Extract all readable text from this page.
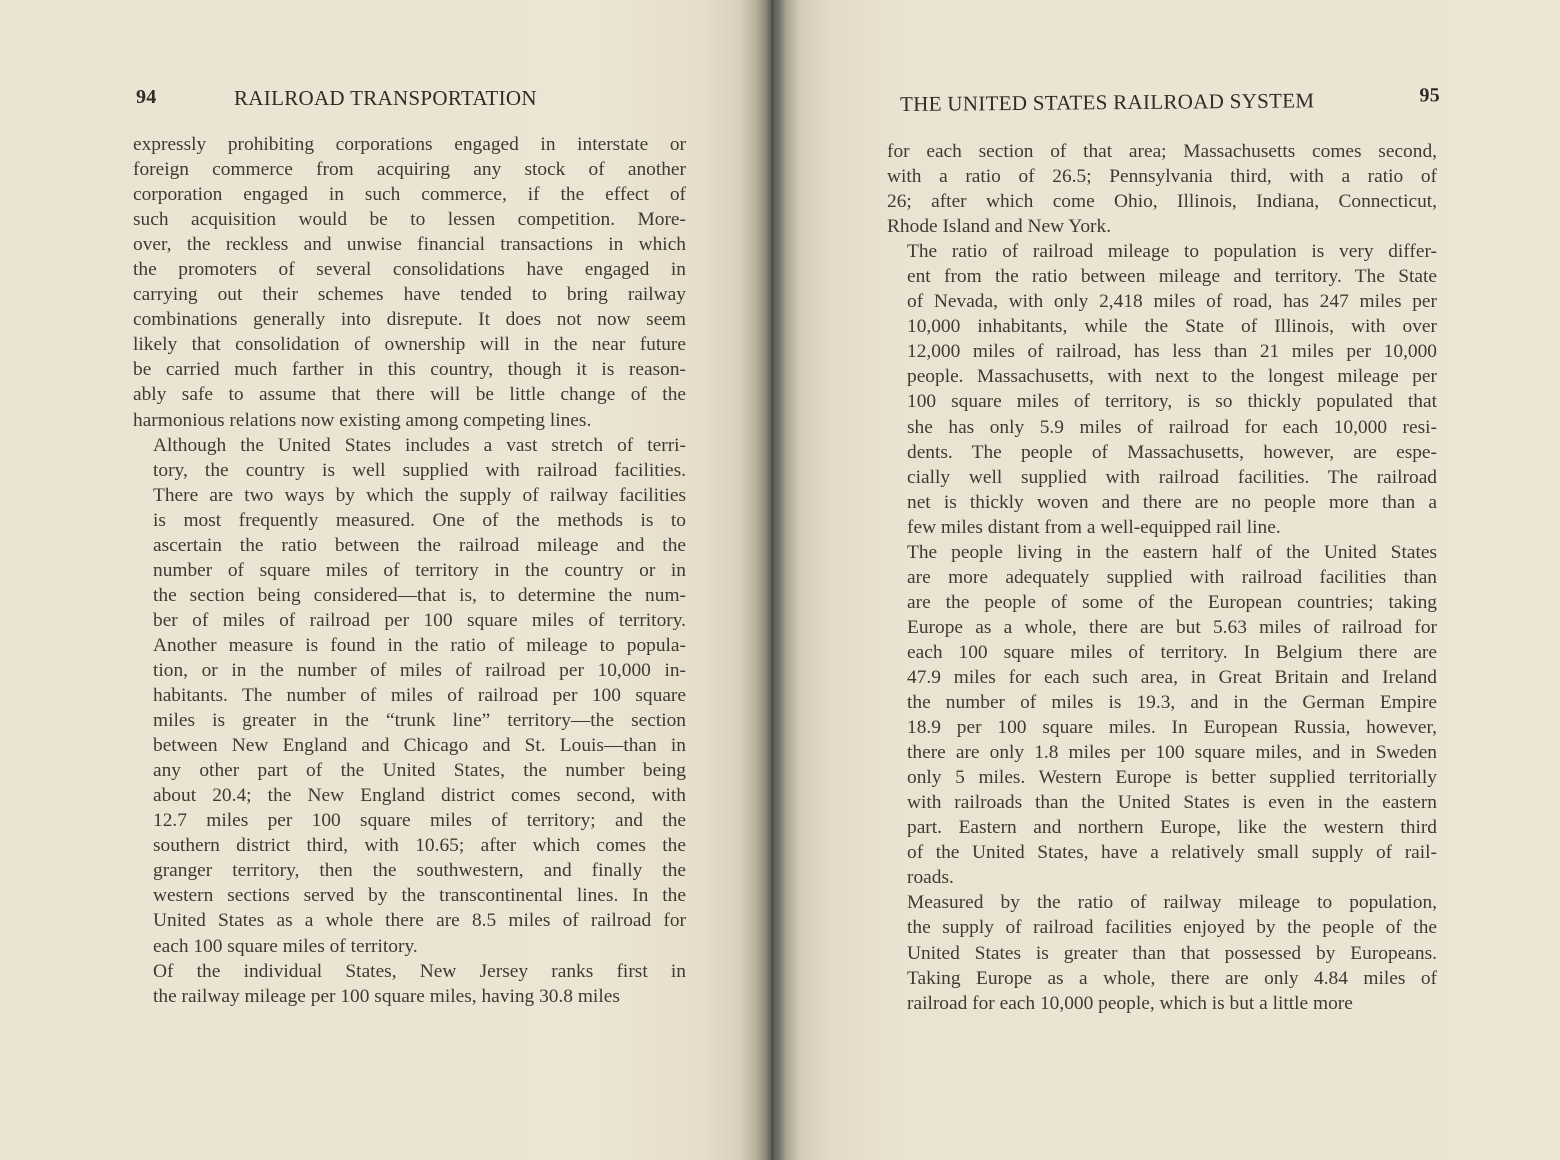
94	RAILROAD TRANSPORTATION

expressly prohibiting corporations engaged in interstate or
foreign commerce from acquiring any stock of another
corporation engaged in such commerce, if the effect of
such acquisition would be to lessen competition. More-
over, the reckless and unwise financial transactions in which
the promoters of several consolidations have engaged in
carrying out their schemes have tended to bring railway
combinations generally into disrepute. It does not now seem
likely that consolidation of ownership will in the near future
be carried much farther in this country, though it is reason-
ably safe to assume that there will be little change of the
harmonious relations now existing among competing lines.

Although the United States includes a vast stretch of terri-
tory, the country is well supplied with railroad facilities.
There are two ways by which the supply of railway facilities
is most frequently measured. One of the methods is to
ascertain the ratio between the railroad mileage and the
number of square miles of territory in the country or in
the section being considered—that is, to determine the num-
ber of miles of railroad per 100 square miles of territory.
Another measure is found in the ratio of mileage to popula-
tion, or in the number of miles of railroad per 10,000 in-
habitants. The number of miles of railroad per 100 square
miles is greater in the “trunk line” territory—the section
between New England and Chicago and St. Louis—than in
any other part of the United States, the number being
about 20.4; the New England district comes second, with
12.7 miles per 100 square miles of territory; and the
southern district third, with 10.65; after which comes the
granger territory, then the southwestern, and finally the
western sections served by the transcontinental lines. In the
United States as a whole there are 8.5 miles of railroad for
each 100 square miles of territory.

Of the individual States, New Jersey ranks first in
the railway mileage per 100 square miles, having 30.8 miles

THE UNITED STATES RAILROAD SYSTEM	95

for each section of that area; Massachusetts comes second,
with a ratio of 26.5; Pennsylvania third, with a ratio of
26; after which come Ohio, Illinois, Indiana, Connecticut,
Rhode Island and New York.

The ratio of railroad mileage to population is very differ-
ent from the ratio between mileage and territory. The State
of Nevada, with only 2,418 miles of road, has 247 miles per
10,000 inhabitants, while the State of Illinois, with over
12,000 miles of railroad, has less than 21 miles per 10,000
people. Massachusetts, with next to the longest mileage per
100 square miles of territory, is so thickly populated that
she has only 5.9 miles of railroad for each 10,000 resi-
dents. The people of Massachusetts, however, are espe-
cially well supplied with railroad facilities. The railroad
net is thickly woven and there are no people more than a
few miles distant from a well-equipped rail line.

The people living in the eastern half of the United States
are more adequately supplied with railroad facilities than
are the people of some of the European countries; taking
Europe as a whole, there are but 5.63 miles of railroad for
each 100 square miles of territory. In Belgium there are
47.9 miles for each such area, in Great Britain and Ireland
the number of miles is 19.3, and in the German Empire
18.9 per 100 square miles. In European Russia, however,
there are only 1.8 miles per 100 square miles, and in Sweden
only 5 miles. Western Europe is better supplied territorially
with railroads than the United States is even in the eastern
part. Eastern and northern Europe, like the western third
of the United States, have a relatively small supply of rail-
roads.

Measured by the ratio of railway mileage to population,
the supply of railroad facilities enjoyed by the people of the
United States is greater than that possessed by Europeans.
Taking Europe as a whole, there are only 4.84 miles of
railroad for each 10,000 people, which is but a little more
